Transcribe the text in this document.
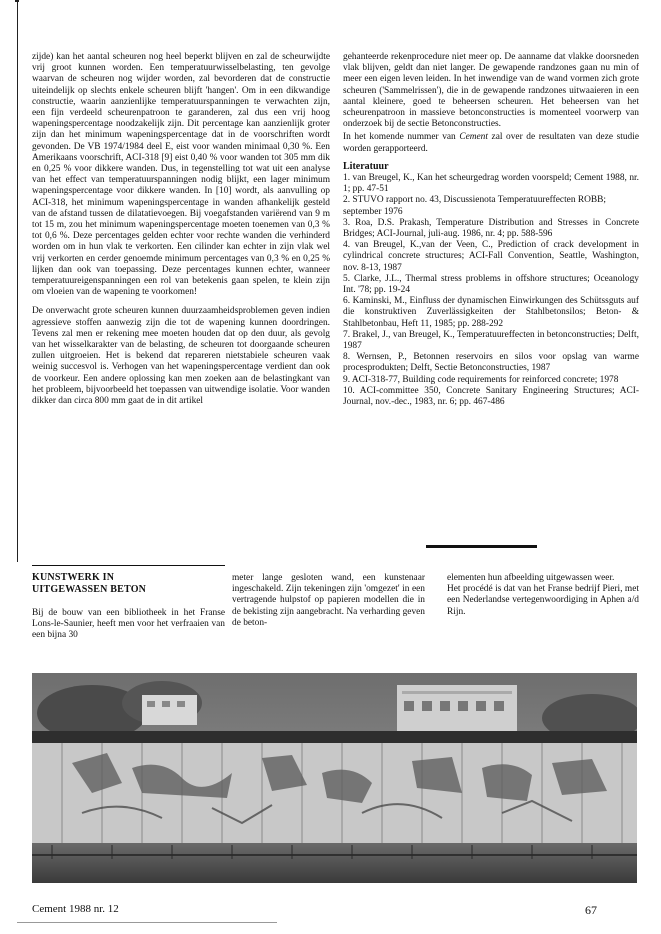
zijde) kan het aantal scheuren nog heel beperkt blijven en zal de scheurwijdte vrij groot kunnen worden. Een temperatuurwisselbelasting, ten gevolge waarvan de scheuren nog wijder worden, zal bevorderen dat de constructie uiteindelijk op slechts enkele scheuren blijft 'hangen'. Om in een dikwandige constructie, waarin aanzienlijke temperatuurspanningen te verwachten zijn, een fijn verdeeld scheurenpatroon te garanderen, zal dus een vrij hoog wapeningspercentage noodzakelijk zijn. Dit percentage kan aanzienlijk groter zijn dan het minimum wapeningspercentage dat in de voorschriften wordt gevonden. De VB 1974/1984 deel E, eist voor wanden minimaal 0,30 %. Een Amerikaans voorschrift, ACI-318 [9] eist 0,40 % voor wanden tot 305 mm dik en 0,25 % voor dikkere wanden. Dus, in tegenstelling tot wat uit een analyse van het effect van temperatuurspanningen nodig blijkt, een lager minimum wapeningspercentage voor dikkere wanden. In [10] wordt, als aanvulling op ACI-318, het minimum wapeningspercentage in wanden afhankelijk gesteld van de afstand tussen de dilatatievoegen. Bij voegafstanden variërend van 9 m tot 15 m, zou het minimum wapeningspercentage moeten toenemen van 0,3 % tot 0,6 %. Deze percentages gelden echter voor rechte wanden die verhinderd worden om in hun vlak te verkorten. Een cilinder kan echter in zijn vlak wel vrij verkorten en cerder genoemde minimum percentages van 0,3 % en 0,25 % lijken dan ook van toepassing. Deze percentages kunnen echter, wanneer temperatuureigenspanningen een rol van betekenis gaan spelen, te klein zijn om vloeien van de wapening te voorkomen!

De onverwacht grote scheuren kunnen duurzaamheidsproblemen geven indien agressieve stoffen aanwezig zijn die tot de wapening kunnen doordringen. Tevens zal men er rekening mee moeten houden dat op den duur, als gevolg van het wisselkarakter van de belasting, de scheuren tot doorgaande scheuren zullen uitgroeien. Het is bekend dat repareren nietstabiele scheuren vaak weinig succesvol is. Verhogen van het wapeningspercentage verdient dan ook de voorkeur. Een andere oplossing kan men zoeken aan de belastingkant van het probleem, bijvoorbeeld het toepassen van uitwendige isolatie. Voor wanden dikker dan circa 800 mm gaat de in dit artikel

gehanteerde rekenprocedure niet meer op. De aanname dat vlakke doorsneden vlak blijven, geldt dan niet langer. De gewapende randzones gaan nu min of meer een eigen leven leiden. In het inwendige van de wand vormen zich grote scheuren ('Sammelrissen'), die in de gewapende randzones uitwaaieren in een aantal kleinere, goed te beheersen scheuren. Het beheersen van het scheurenpatroon in massieve betonconstructies is momenteel voorwerp van onderzoek bij de sectie Betonconstructies.

In het komende nummer van Cement zal over de resultaten van deze studie worden gerapporteerd.

Literatuur
1. van Breugel, K., Kan het scheurgedrag worden voorspeld; Cement 1988, nr. 1; pp. 47-51
2. STUVO rapport no. 43, Discussienota Temperatuureffecten ROBB;
september 1976
3. Roa, D.S. Prakash, Temperature Distribution and Stresses in Concrete Bridges; ACI-Journal, juli-aug. 1986, nr. 4; pp. 588-596
4. van Breugel, K.,van der Veen, C., Prediction of crack development in cylindrical concrete structures; ACI-Fall Convention, Seattle, Washington, nov. 8-13, 1987
5. Clarke, J.L., Thermal stress problems in offshore structures; Oceanology Int. '78; pp. 19-24
6. Kaminski, M., Einfluss der dynamischen Einwirkungen des Schütssguts auf die konstruktiven Zuverlässigkeiten der Stahlbetonsilos; Beton- & Stahlbetonbau, Heft 11, 1985; pp. 288-292
7. Brakel, J., van Breugel, K., Temperatuureffecten in betonconstructies; Delft, 1987
8. Wernsen, P., Betonnen reservoirs en silos voor opslag van warme procesprodukten; Delft, Sectie Betonconstructies, 1987
9. ACI-318-77, Building code requirements for reinforced concrete; 1978
10. ACI-committee 350, Concrete Sanitary Engineering Structures; ACI-Journal, nov.-dec., 1983, nr. 6; pp. 467-486
KUNSTWERK IN
UITGEWASSEN BETON

Bij de bouw van een bibliotheek in het Franse Lons-le-Saunier, heeft men voor het verfraaien van een bijna 30

meter lange gesloten wand, een kunstenaar ingeschakeld. Zijn tekeningen zijn 'omgezet' in een vertragende hulpstof op papieren modellen die in de bekisting zijn aangebracht. Na verharding geven de beton-

elementen hun afbeelding uitgewassen weer.

Het procédé is dat van het Franse bedrijf Pieri, met een Nederlandse vertegenwoordiging in Aphen a/d Rijn.

Cement 1988 nr. 12	67
